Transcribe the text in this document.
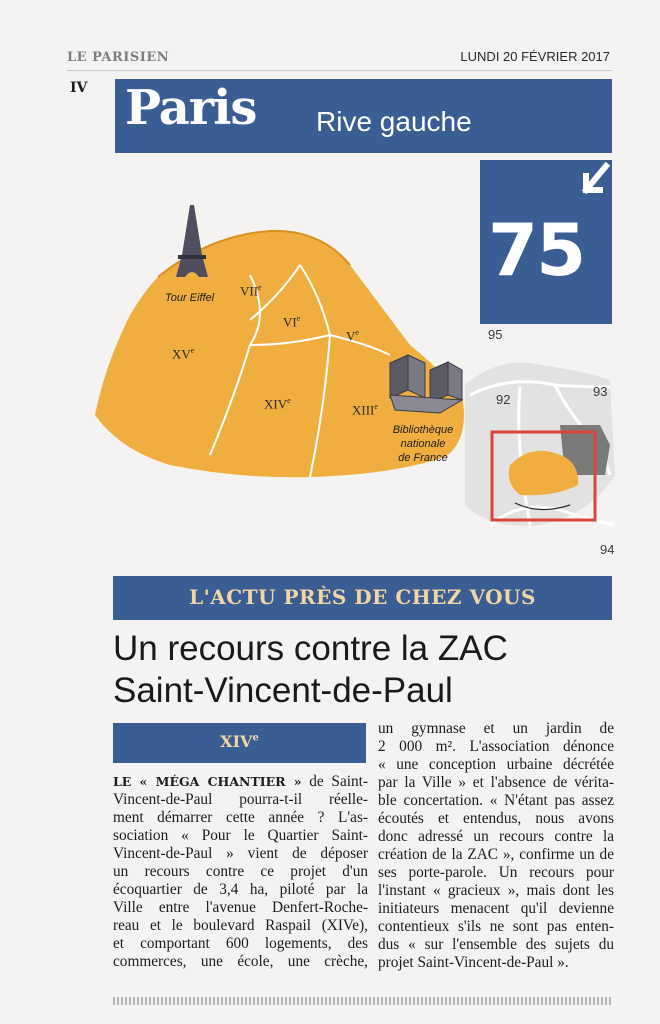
LE PARISIEN	LUNDI 20 FÉVRIER 2017
IV Paris Rive gauche
75
95
93
92
94
VIIe
VIe
Ve
XVe
XIVe
XIIIe
Tour Eiffel
Bibliothèque
nationale
de France
L'ACTU PRÈS DE CHEZ VOUS
Un recours contre la ZAC
Saint-Vincent-de-Paul
XIVe
LE « MÉGA CHANTIER » de Saint-
Vincent-de-Paul pourra-t-il réelle-
ment démarrer cette année ? L'as-
sociation « Pour le Quartier Saint-
Vincent-de-Paul » vient de déposer
un recours contre ce projet d'un
écoquartier de 3,4 ha, piloté par la
Ville entre l'avenue Denfert-Roche-
reau et le boulevard Raspail (XIVe),
et comportant 600 logements, des
commerces, une école, une crèche,
un gymnase et un jardin de
2 000 m². L'association dénonce
« une conception urbaine décrétée
par la Ville » et l'absence de vérita-
ble concertation. « N'étant pas assez
écoutés et entendus, nous avons
donc adressé un recours contre la
création de la ZAC », confirme un de
ses porte-parole. Un recours pour
l'instant « gracieux », mais dont les
initiateurs menacent qu'il devienne
contentieux s'ils ne sont pas enten-
dus « sur l'ensemble des sujets du
projet Saint-Vincent-de-Paul ».
